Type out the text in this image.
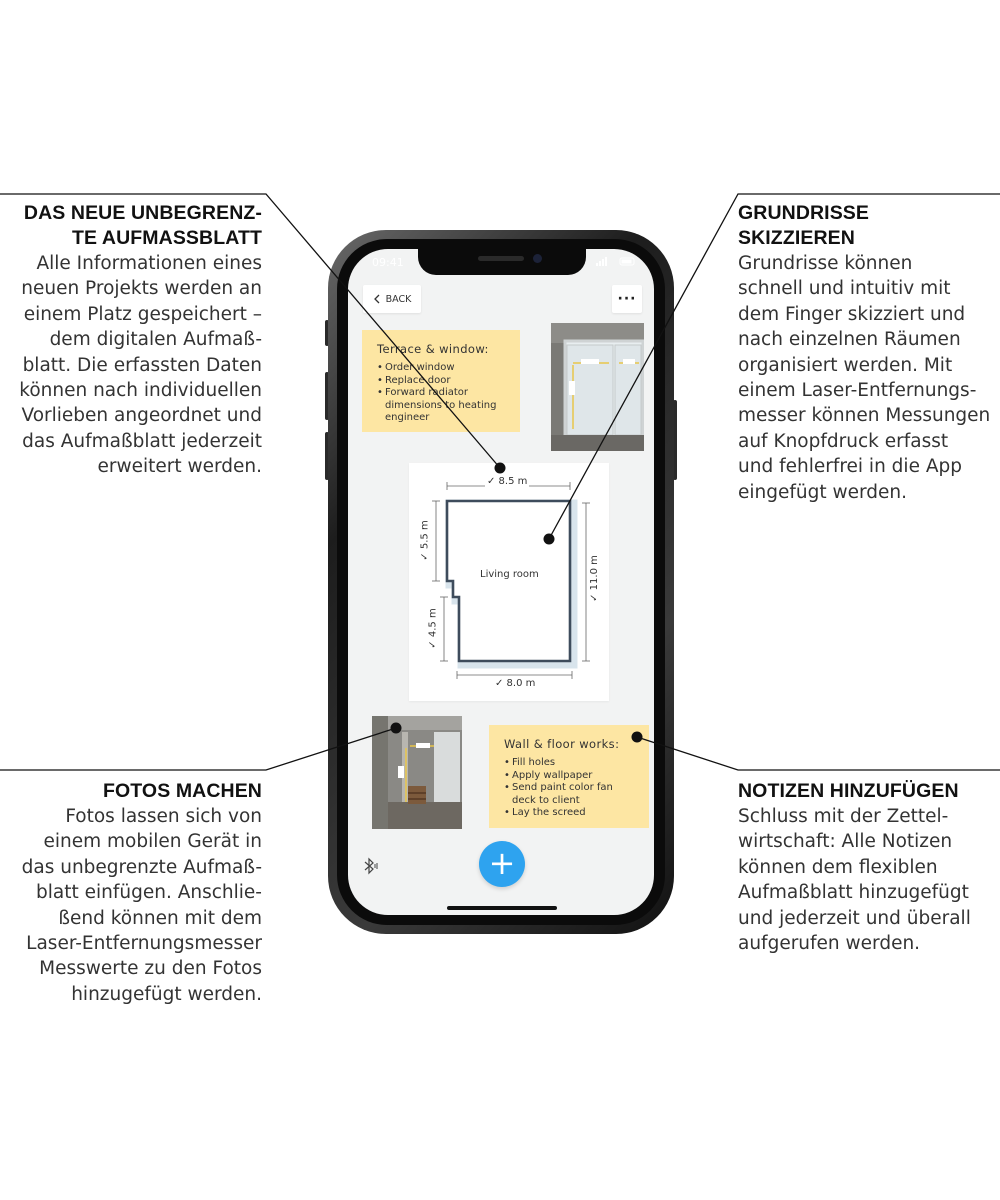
DAS NEUE UNBEGRENZ-
TE AUFMASSBLATT

Alle Informationen eines
neuen Projekts werden an
einem Platz gespeichert –
dem digitalen Aufmaß-
blatt. Die erfassten Daten
können nach individuellen
Vorlieben angeordnet und
das Aufmaßblatt jederzeit
erweitert werden.

GRUNDRISSE
SKIZZIEREN

Grundrisse können
schnell und intuitiv mit
dem Finger skizziert und
nach einzelnen Räumen
organisiert werden. Mit
einem Laser-Entfernungs-
messer können Messungen
auf Knopfdruck erfasst
und fehlerfrei in die App
eingefügt werden.

FOTOS MACHEN

Fotos lassen sich von
einem mobilen Gerät in
das unbegrenzte Aufmaß-
blatt einfügen. Anschlie-
ßend können mit dem
Laser-Entfernungsmesser
Messwerte zu den Fotos
hinzugefügt werden.

NOTIZEN HINZUFÜGEN

Schluss mit der Zettel-
wirtschaft: Alle Notizen
können dem flexiblen
Aufmaßblatt hinzugefügt
und jederzeit und überall
aufgerufen werden.

09:41
BACK	···
Terrace & window:
• Order window
• Replace door
• Forward radiator
dimensions to heating
engineer
✓ 8.5 m
✓ 8.0 m
✓ 5.5 m
✓ 4.5 m
✓ 11.0 m
Living room
Wall & floor works:
• Fill holes
• Apply wallpaper
• Send paint color fan
deck to client
• Lay the screed
+
